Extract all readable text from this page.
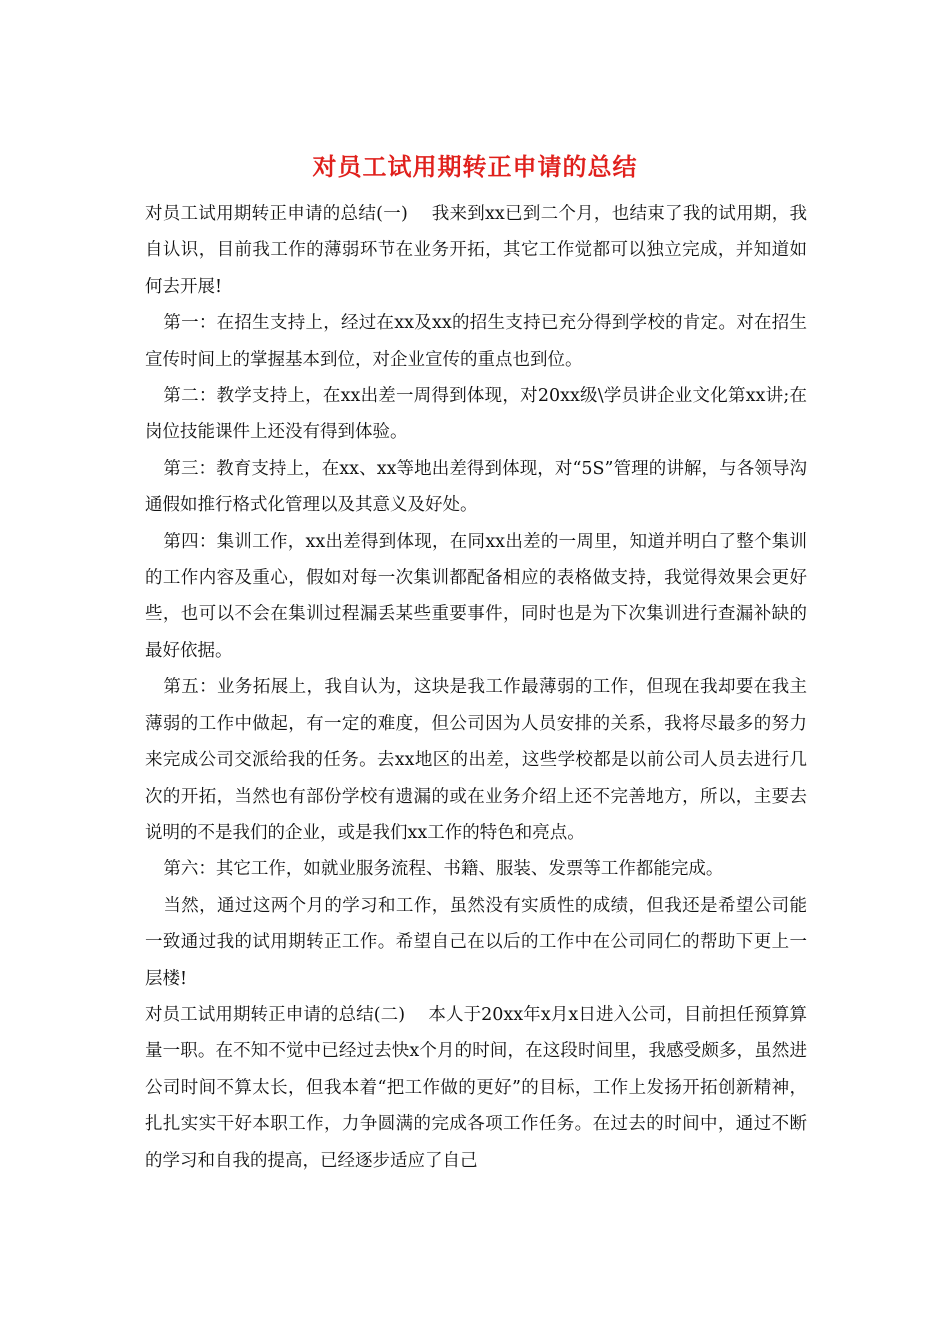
对员工试用期转正申请的总结

对员工试用期转正申请的总结(一)　 我来到xx已到二个月，也结束了我的试用期，我自认识，目前我工作的薄弱环节在业务开拓，其它工作觉都可以独立完成，并知道如何去开展!

第一：在招生支持上，经过在xx及xx的招生支持已充分得到学校的肯定。对在招生宣传时间上的掌握基本到位，对企业宣传的重点也到位。

第二：教学支持上，在xx出差一周得到体现，对20xx级\学员讲企业文化第xx讲;在岗位技能课件上还没有得到体验。

第三：教育支持上，在xx、xx等地出差得到体现，对“5S”管理的讲解，与各领导沟通假如推行格式化管理以及其意义及好处。

第四：集训工作，xx出差得到体现，在同xx出差的一周里，知道并明白了整个集训的工作内容及重心，假如对每一次集训都配备相应的表格做支持，我觉得效果会更好些，也可以不会在集训过程漏丢某些重要事件，同时也是为下次集训进行查漏补缺的最好依据。

第五：业务拓展上，我自认为，这块是我工作最薄弱的工作，但现在我却要在我主薄弱的工作中做起，有一定的难度，但公司因为人员安排的关系，我将尽最多的努力来完成公司交派给我的任务。去xx地区的出差，这些学校都是以前公司人员去进行几次的开拓，当然也有部份学校有遗漏的或在业务介绍上还不完善地方，所以，主要去说明的不是我们的企业，或是我们xx工作的特色和亮点。

第六：其它工作，如就业服务流程、书籍、服装、发票等工作都能完成。

当然，通过这两个月的学习和工作，虽然没有实质性的成绩，但我还是希望公司能一致通过我的试用期转正工作。希望自己在以后的工作中在公司同仁的帮助下更上一层楼!

对员工试用期转正申请的总结(二)　 本人于20xx年x月x日进入公司，目前担任预算算量一职。在不知不觉中已经过去快x个月的时间，在这段时间里，我感受颇多，虽然进公司时间不算太长，但我本着“把工作做的更好”的目标，工作上发扬开拓创新精神，扎扎实实干好本职工作，力争圆满的完成各项工作任务。在过去的时间中，通过不断的学习和自我的提高，已经逐步适应了自己
